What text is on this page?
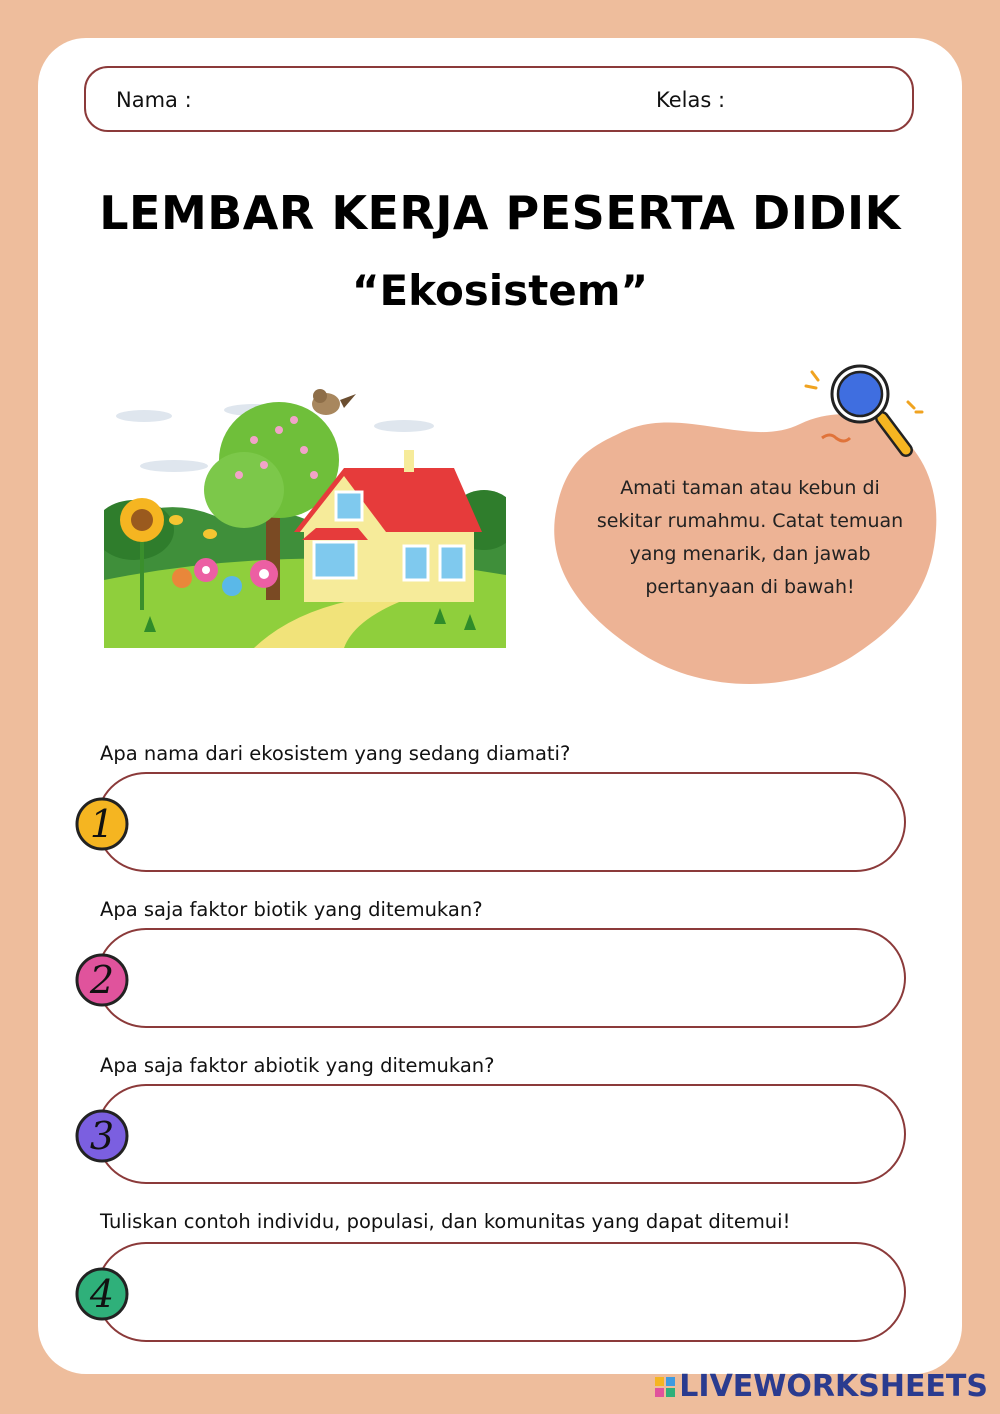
Nama :	Kelas :
LEMBAR KERJA PESERTA DIDIK
“Ekosistem”
Amati taman atau kebun di sekitar rumahmu. Catat temuan yang menarik, dan jawab pertanyaan di bawah!
Apa nama dari ekosistem yang sedang diamati?
1
Apa saja faktor biotik yang ditemukan?
2
Apa saja faktor abiotik yang ditemukan?
3
Tuliskan contoh individu, populasi, dan komunitas yang dapat ditemui!
4
LIVEWORKSHEETS
